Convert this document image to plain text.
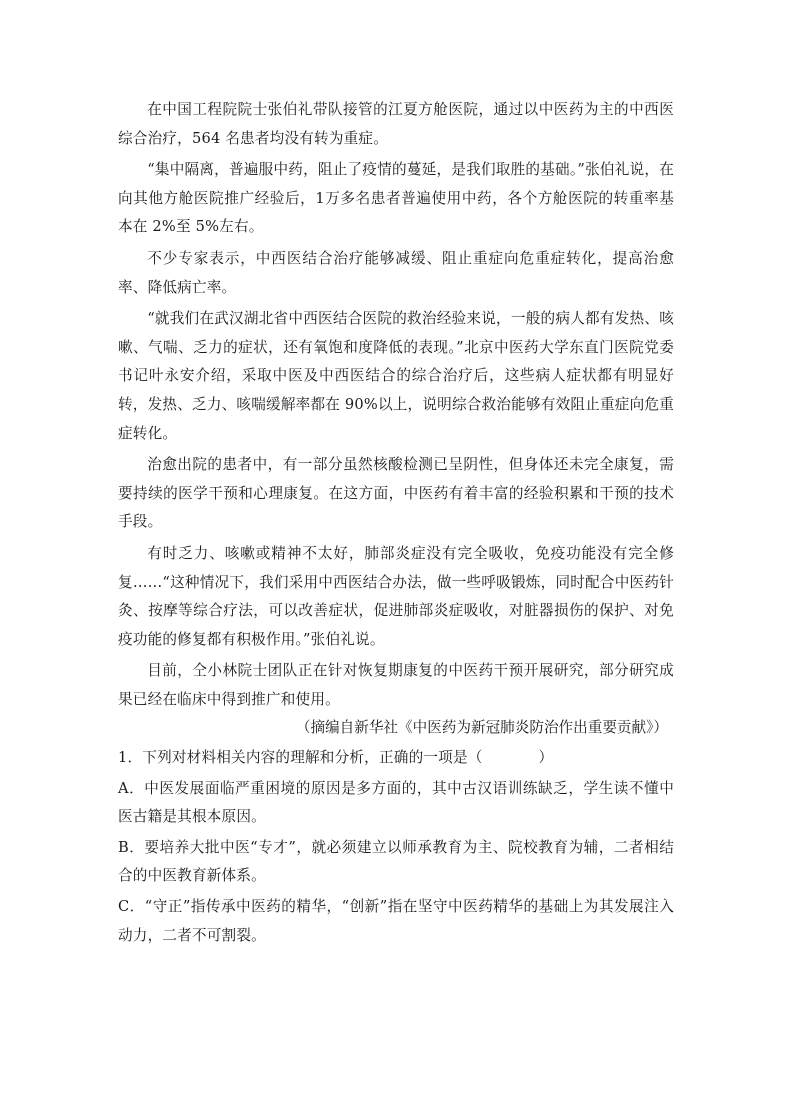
在中国工程院院士张伯礼带队接管的江夏方舱医院，通过以中医药为主的中西医综合治疗，564 名患者均没有转为重症。

“集中隔离，普遍服中药，阻止了疫情的蔓延，是我们取胜的基础。”张伯礼说，在向其他方舱医院推广经验后，1万多名患者普遍使用中药，各个方舱医院的转重率基本在 2%至 5%左右。

不少专家表示，中西医结合治疗能够减缓、阻止重症向危重症转化，提高治愈率、降低病亡率。

“就我们在武汉湖北省中西医结合医院的救治经验来说，一般的病人都有发热、咳嗽、气喘、乏力的症状，还有氧饱和度降低的表现。”北京中医药大学东直门医院党委书记叶永安介绍，采取中医及中西医结合的综合治疗后，这些病人症状都有明显好转，发热、乏力、咳喘缓解率都在 90%以上，说明综合救治能够有效阻止重症向危重症转化。

治愈出院的患者中，有一部分虽然核酸检测已呈阴性，但身体还未完全康复，需要持续的医学干预和心理康复。在这方面，中医药有着丰富的经验积累和干预的技术手段。

有时乏力、咳嗽或精神不太好，肺部炎症没有完全吸收，免疫功能没有完全修复……“这种情况下，我们采用中西医结合办法，做一些呼吸锻炼，同时配合中医药针灸、按摩等综合疗法，可以改善症状，促进肺部炎症吸收，对脏器损伤的保护、对免疫功能的修复都有积极作用。”张伯礼说。

目前，仝小林院士团队正在针对恢复期康复的中医药干预开展研究，部分研究成果已经在临床中得到推广和使用。

（摘编自新华社《中医药为新冠肺炎防治作出重要贡献》）

1．下列对材料相关内容的理解和分析，正确的一项是（	）

A．中医发展面临严重困境的原因是多方面的，其中古汉语训练缺乏，学生读不懂中医古籍是其根本原因。

B．要培养大批中医“专才”，就必须建立以师承教育为主、院校教育为辅，二者相结合的中医教育新体系。

C．“守正”指传承中医药的精华，“创新”指在坚守中医药精华的基础上为其发展注入动力，二者不可割裂。
